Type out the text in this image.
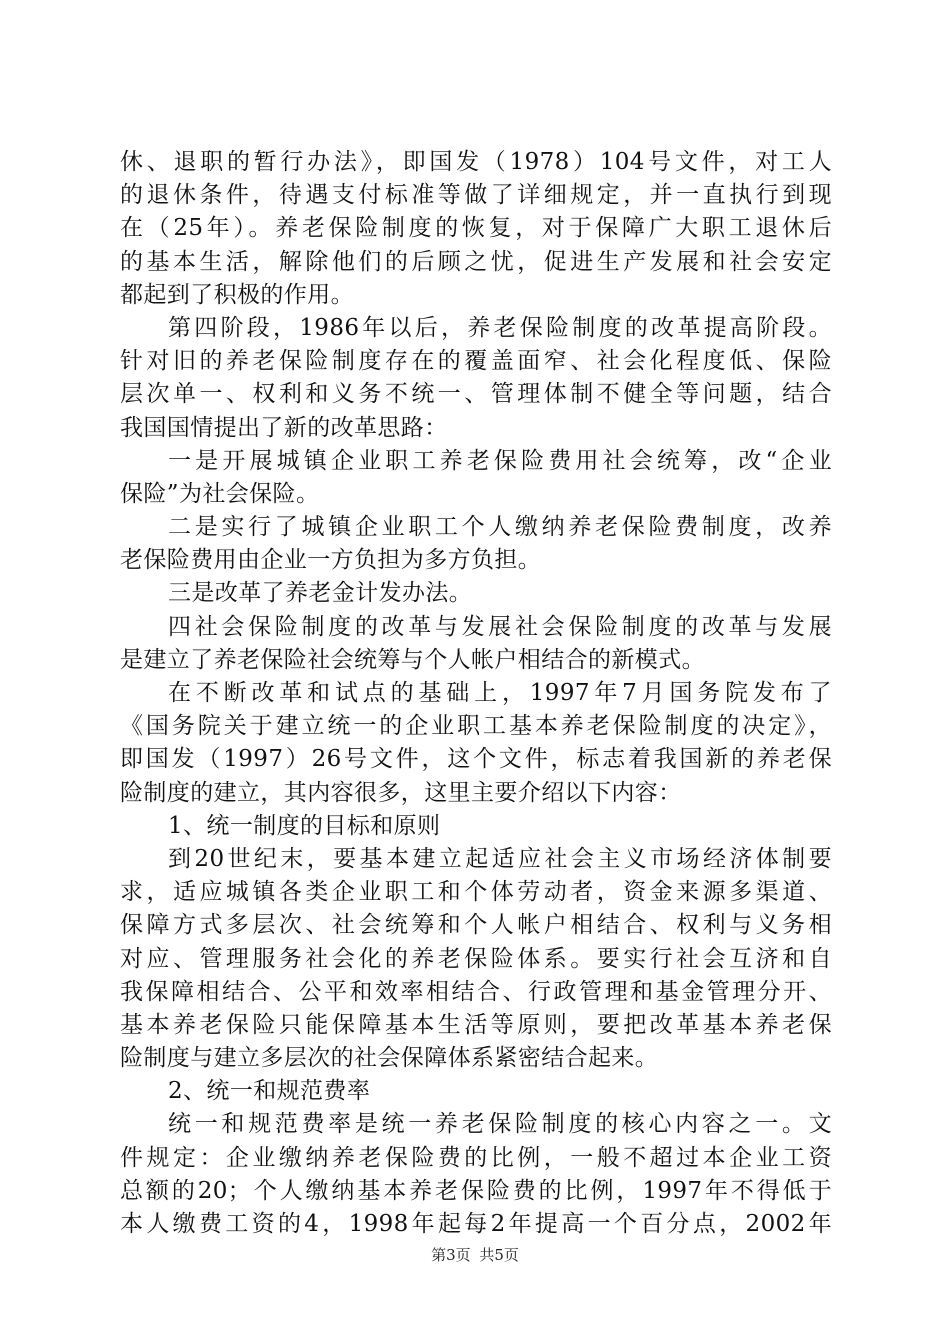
休、退职的暂行办法》，即国发（1978）104号文件，对工人
的退休条件，待遇支付标准等做了详细规定，并一直执行到现
在（25年）。养老保险制度的恢复，对于保障广大职工退休后
的基本生活，解除他们的后顾之忧，促进生产发展和社会安定
都起到了积极的作用。
第四阶段，1986年以后，养老保险制度的改革提高阶段。
针对旧的养老保险制度存在的覆盖面窄、社会化程度低、保险
层次单一、权利和义务不统一、管理体制不健全等问题，结合
我国国情提出了新的改革思路：
一是开展城镇企业职工养老保险费用社会统筹，改“企业
保险”为社会保险。
二是实行了城镇企业职工个人缴纳养老保险费制度，改养
老保险费用由企业一方负担为多方负担。
三是改革了养老金计发办法。
四社会保险制度的改革与发展社会保险制度的改革与发展
是建立了养老保险社会统筹与个人帐户相结合的新模式。
在不断改革和试点的基础上，1997年7月国务院发布了
《国务院关于建立统一的企业职工基本养老保险制度的决定》，
即国发（1997）26号文件，这个文件，标志着我国新的养老保
险制度的建立，其内容很多，这里主要介绍以下内容：
1、统一制度的目标和原则
到20世纪末，要基本建立起适应社会主义市场经济体制要
求，适应城镇各类企业职工和个体劳动者，资金来源多渠道、
保障方式多层次、社会统筹和个人帐户相结合、权利与义务相
对应、管理服务社会化的养老保险体系。要实行社会互济和自
我保障相结合、公平和效率相结合、行政管理和基金管理分开、
基本养老保险只能保障基本生活等原则，要把改革基本养老保
险制度与建立多层次的社会保障体系紧密结合起来。
2、统一和规范费率
统一和规范费率是统一养老保险制度的核心内容之一。文
件规定：企业缴纳养老保险费的比例，一般不超过本企业工资
总额的20；个人缴纳基本养老保险费的比例，1997年不得低于
本人缴费工资的4，1998年起每2年提高一个百分点，2002年
第3页 共5页
